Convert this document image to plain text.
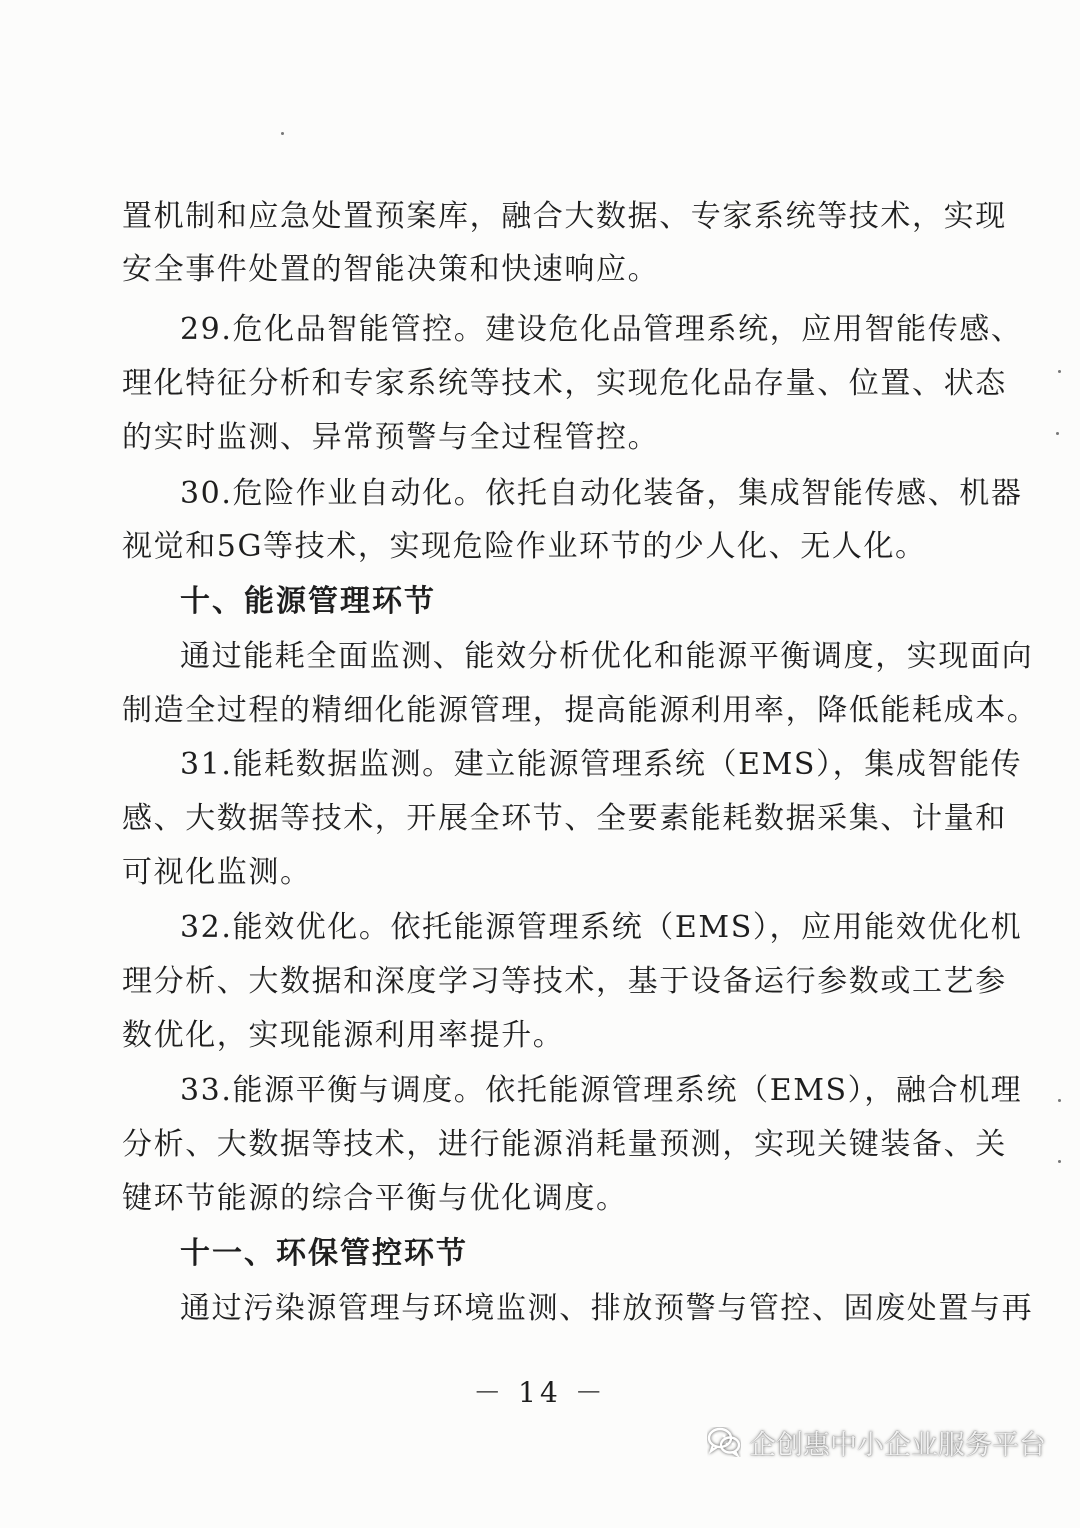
置机制和应急处置预案库，融合大数据、专家系统等技术，实现
安全事件处置的智能决策和快速响应。
29.危化品智能管控。建设危化品管理系统，应用智能传感、
理化特征分析和专家系统等技术，实现危化品存量、位置、状态
的实时监测、异常预警与全过程管控。
30.危险作业自动化。依托自动化装备，集成智能传感、机器
视觉和5G等技术，实现危险作业环节的少人化、无人化。
十、能源管理环节
通过能耗全面监测、能效分析优化和能源平衡调度，实现面向
制造全过程的精细化能源管理，提高能源利用率，降低能耗成本。
31.能耗数据监测。建立能源管理系统（EMS），集成智能传
感、大数据等技术，开展全环节、全要素能耗数据采集、计量和
可视化监测。
32.能效优化。依托能源管理系统（EMS），应用能效优化机
理分析、大数据和深度学习等技术，基于设备运行参数或工艺参
数优化，实现能源利用率提升。
33.能源平衡与调度。依托能源管理系统（EMS），融合机理
分析、大数据等技术，进行能源消耗量预测，实现关键装备、关
键环节能源的综合平衡与优化调度。
十一、环保管控环节
通过污染源管理与环境监测、排放预警与管控、固废处置与再
－ 14 －
企创惠中小企业服务平台
